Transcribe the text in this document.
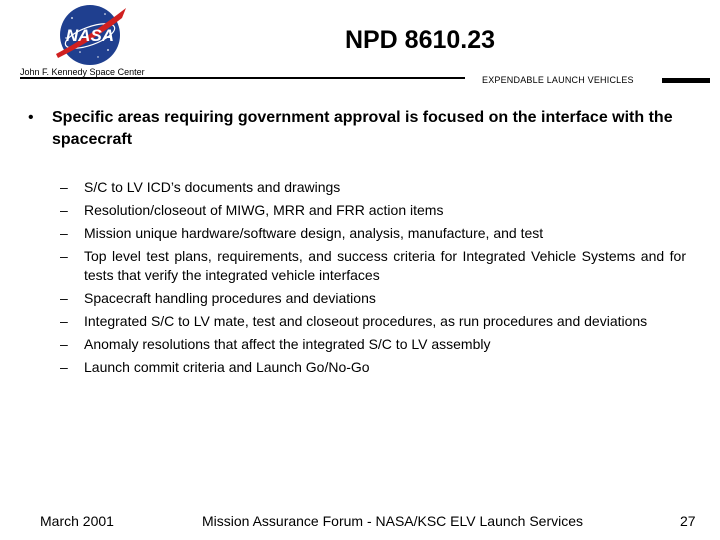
NASA	NPD 8610.23
John F. Kennedy Space Center
EXPENDABLE LAUNCH VEHICLES
• Specific areas requiring government approval is focused on the interface with the spacecraft
– S/C to LV ICD’s documents and drawings
– Resolution/closeout of MIWG, MRR and FRR action items
– Mission unique hardware/software design, analysis, manufacture, and test
– Top level test plans, requirements, and success criteria for Integrated Vehicle Systems and for tests that verify the integrated vehicle interfaces
– Spacecraft handling procedures and deviations
– Integrated S/C to LV mate, test and closeout procedures, as run procedures and deviations
– Anomaly resolutions that affect the integrated S/C to LV assembly
– Launch commit criteria and Launch Go/No-Go
March 2001	Mission Assurance Forum - NASA/KSC ELV Launch Services	27
